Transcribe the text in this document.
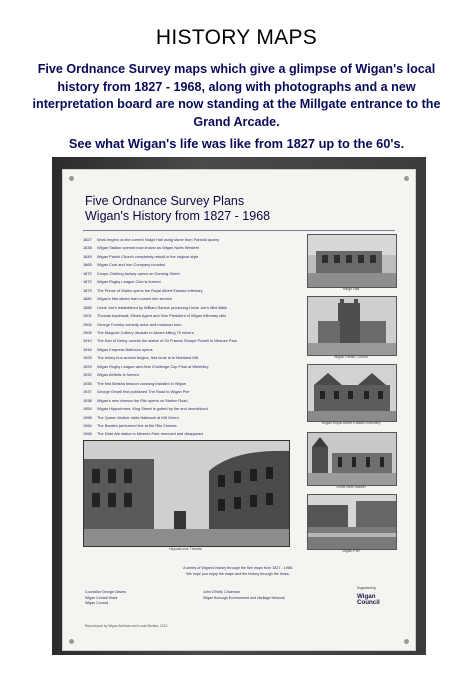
HISTORY MAPS
Five Ordnance Survey maps which give a glimpse of Wigan's local history from 1827 - 1968, along with photographs and a new interpretation board are now standing at the Millgate entrance to the Grand Arcade.
See what Wigan's life was like from 1827 up to the 60's.
Five Ordnance Survey Plans
Wigan's History from 1827 - 1968
1827	Work begins on the current Haigh Hall using stone from Parbold quarry
1838	Wigan Station opened now known as Wigan North Western
1849	Wigan Parish Church completely rebuilt in the original style
1865	Wigan Coal and Iron Company founded
1872	Coops Clothing factory opens on Dorning Street
1872	Wigan Rugby League Club is formed
1873	The Prince of Wales opens the Royal Albert Edward Infirmary
1880	Wigan's first steam tram comes into service
1888	Uncle Joe's established by William Santus producing Uncle Joe's Mint Balls
1901	Thomas Aspinwall, Mines Agent and Vice President of Wigan Infirmary dies
1904	George Formby comedy actor and musician born
1908	The Maypole Colliery disaster in Abram killing 75 miners
1910	The Earl of Derby unveils the statue of Sir Francis Sharpe Powell in Mesnes Park
1916	Wigan Empress Ballroom opens
1925	The trolley bus service begins, first route is to Martland Mill
1929	Wigan Rugby League wins first Challenge Cup Final at Wembley
1932	Wigan Athletic is formed
1935	The first Belisha beacon crossing installed in Wigan
1937	George Orwell first published The Road to Wigan Pier
1938	Wigan's new cinema the Ritz opens on Station Road
1954	Wigan Hippodrome, King Street is gutted by fire and demolished
1958	The Queen Mother visits Hallmark at Kitt Green
1964	The Beatles performed live at the Ritz Cinema
1968	The Dixie Ale statue in Mesnes Park removed and disappears
Haigh Hall
Wigan Parish Church
Wigan Royal Albert Edward Infirmary
Great New Market
Wigan Pier
Hippodrome Theatre
A series of Wigan's history through the five maps from 1827 - 1968.
We hope you enjoy the maps and the history through the times.
Councillor George Davies
Wigan Central Ward
Wigan Council
John O'Neill, Chairman
Wigan Borough Environment and Heritage Network
Supported by
Wigan Council
Reproduced by Wigan Archives and Local Studies, 2012
